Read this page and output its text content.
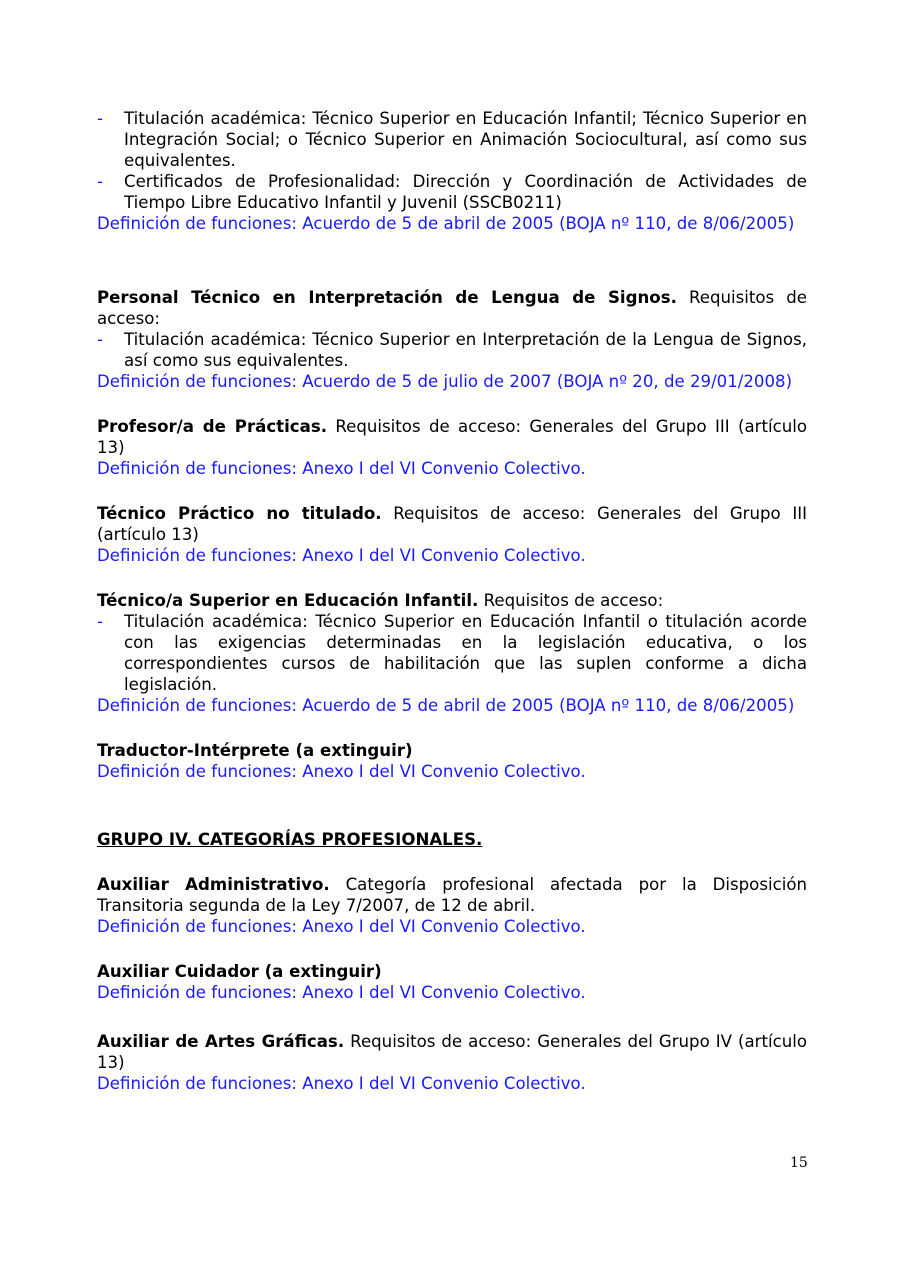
- Titulación académica: Técnico Superior en Educación Infantil; Técnico Superior en Integración Social; o Técnico Superior en Animación Sociocultural, así como sus equivalentes.
- Certificados de Profesionalidad: Dirección y Coordinación de Actividades de Tiempo Libre Educativo Infantil y Juvenil (SSCB0211)

Definición de funciones: Acuerdo de 5 de abril de 2005 (BOJA nº 110, de 8/06/2005)

Personal Técnico en Interpretación de Lengua de Signos. Requisitos de acceso:

- Titulación académica: Técnico Superior en Interpretación de la Lengua de Signos, así como sus equivalentes.

Definición de funciones: Acuerdo de 5 de julio de 2007 (BOJA nº 20, de 29/01/2008)

Profesor/a de Prácticas. Requisitos de acceso: Generales del Grupo III (artículo 13)

Definición de funciones: Anexo I del VI Convenio Colectivo.

Técnico Práctico no titulado. Requisitos de acceso: Generales del Grupo III (artículo 13)

Definición de funciones: Anexo I del VI Convenio Colectivo.

Técnico/a Superior en Educación Infantil. Requisitos de acceso:

- Titulación académica: Técnico Superior en Educación Infantil o titulación acorde con las exigencias determinadas en la legislación educativa, o los correspondientes cursos de habilitación que las suplen conforme a dicha legislación.

Definición de funciones: Acuerdo de 5 de abril de 2005 (BOJA nº 110, de 8/06/2005)

Traductor-Intérprete (a extinguir)

Definición de funciones: Anexo I del VI Convenio Colectivo.

GRUPO IV. CATEGORÍAS PROFESIONALES.

Auxiliar Administrativo. Categoría profesional afectada por la Disposición Transitoria segunda de la Ley 7/2007, de 12 de abril.

Definición de funciones: Anexo I del VI Convenio Colectivo.

Auxiliar Cuidador (a extinguir)

Definición de funciones: Anexo I del VI Convenio Colectivo.

Auxiliar de Artes Gráficas. Requisitos de acceso: Generales del Grupo IV (artículo 13)

Definición de funciones: Anexo I del VI Convenio Colectivo.

15
